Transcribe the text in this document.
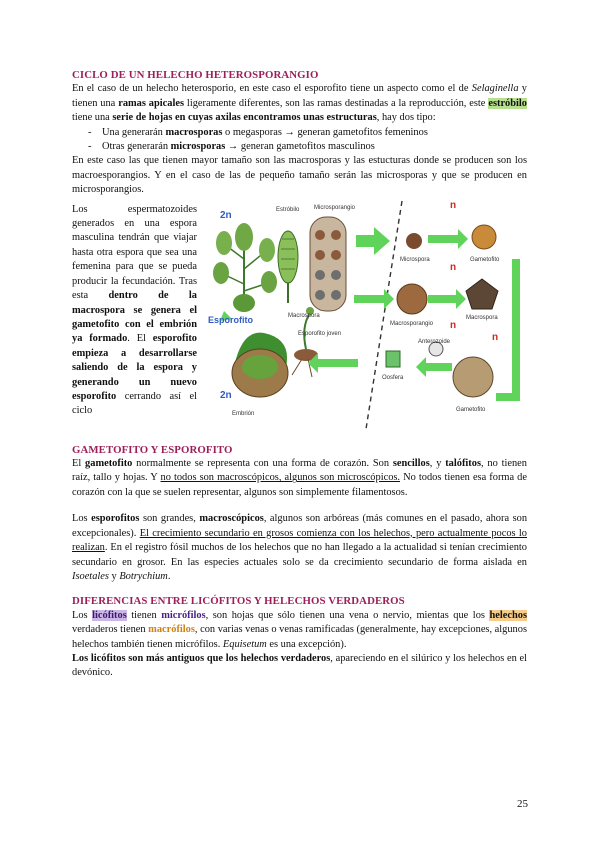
CICLO DE UN HELECHO HETEROSPORANGIO

En el caso de un helecho heterosporio, en este caso el esporofito tiene un aspecto como el de Selaginella y tienen una ramas apicales ligeramente diferentes, son las ramas destinadas a la reproducción, este estróbilo tiene una serie de hojas en cuyas axilas encontramos unas estructuras, hay dos tipo:

- Una generarán macrosporas o megasporas → generan gametofitos femeninos
- Otras generarán microsporas → generan gametofitos masculinos

En este caso las que tienen mayor tamaño son las macrosporas y las estucturas donde se producen son los macroesporangios. Y en el caso de las de pequeño tamaño serán las microsporas y que se producen en microsporangios.

Los espermatozoides generados en una espora masculina tendrán que viajar hasta otra espora que sea una femenina para que se pueda producir la fecundación. Tras esta dentro de la macrospora se genera el gametofito con el embrión ya formado. El esporofito empieza a desarrollarse saliendo de la espora y generando un nuevo esporofito cerrando así el ciclo

2n
2n
n
n
n
n
Esporofito
Estróbilo Microsporangio
Macrospora
Esporofito joven
Embrión
Microspora	Gametofito
Macrosporangio
Macrospora
Anterozoide
Oosfera
Gametofito
GAMETOFITO Y ESPOROFITO

El gametofito normalmente se representa con una forma de corazón. Son sencillos, y talófitos, no tienen raíz, tallo y hojas. Y no todos son macroscópicos, algunos son microscópicos. No todos tienen esa forma de corazón con la que se suelen representar, algunos son simplemente filamentosos.

Los esporofitos son grandes, macroscópicos, algunos son arbóreas (más comunes en el pasado, ahora son excepcionales). El crecimiento secundario en grosos comienza con los helechos, pero actualmente pocos lo realizan. En el registro fósil muchos de los helechos que no han llegado a la actualidad si tenían crecimiento secundario en grosor. En las especies actuales solo se da crecimiento secundario de forma aislada en Isoetales y Botrychium.

DIFERENCIAS ENTRE LICÓFITOS Y HELECHOS VERDADEROS

Los licófitos tienen micrófilos, son hojas que sólo tienen una vena o nervio, mientas que los helechos verdaderos tienen macrófilos, con varias venas o venas ramificadas (generalmente, hay excepciones, algunos helechos también tienen micrófilos. Equisetum es una excepción).

Los licófitos son más antiguos que los helechos verdaderos, apareciendo en el silúrico y los helechos en el devónico.

25
